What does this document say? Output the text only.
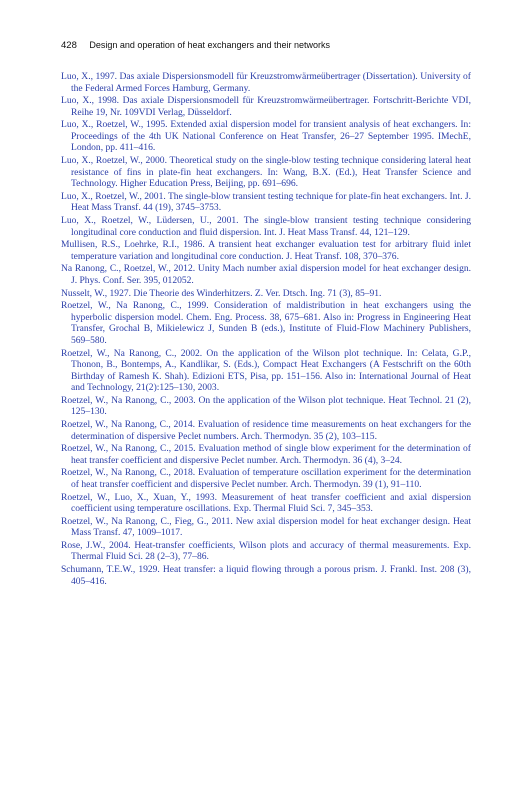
428 Design and operation of heat exchangers and their networks
Luo, X., 1997. Das axiale Dispersionsmodell für Kreuzstromwärmeübertrager (Dissertation). University of the Federal Armed Forces Hamburg, Germany.
Luo, X., 1998. Das axiale Dispersionsmodell für Kreuzstromwärmeübertrager. Fortschritt-Berichte VDI, Reihe 19, Nr. 109VDI Verlag, Düsseldorf.
Luo, X., Roetzel, W., 1995. Extended axial dispersion model for transient analysis of heat exchangers. In: Proceedings of the 4th UK National Conference on Heat Transfer, 26–27 September 1995. IMechE, London, pp. 411–416.
Luo, X., Roetzel, W., 2000. Theoretical study on the single-blow testing technique considering lateral heat resistance of fins in plate-fin heat exchangers. In: Wang, B.X. (Ed.), Heat Transfer Science and Technology. Higher Education Press, Beijing, pp. 691–696.
Luo, X., Roetzel, W., 2001. The single-blow transient testing technique for plate-fin heat exchangers. Int. J. Heat Mass Transf. 44 (19), 3745–3753.
Luo, X., Roetzel, W., Lüdersen, U., 2001. The single-blow transient testing technique considering longitudinal core conduction and fluid dispersion. Int. J. Heat Mass Transf. 44, 121–129.
Mullisen, R.S., Loehrke, R.I., 1986. A transient heat exchanger evaluation test for arbitrary fluid inlet temperature variation and longitudinal core conduction. J. Heat Transf. 108, 370–376.
Na Ranong, C., Roetzel, W., 2012. Unity Mach number axial dispersion model for heat exchanger design. J. Phys. Conf. Ser. 395, 012052.
Nusselt, W., 1927. Die Theorie des Winderhitzers. Z. Ver. Dtsch. Ing. 71 (3), 85–91.
Roetzel, W., Na Ranong, C., 1999. Consideration of maldistribution in heat exchangers using the hyperbolic dispersion model. Chem. Eng. Process. 38, 675–681. Also in: Progress in Engineering Heat Transfer, Grochal B, Mikielewicz J, Sunden B (eds.), Institute of Fluid-Flow Machinery Publishers, 569–580.
Roetzel, W., Na Ranong, C., 2002. On the application of the Wilson plot technique. In: Celata, G.P., Thonon, B., Bontemps, A., Kandlikar, S. (Eds.), Compact Heat Exchangers (A Festschrift on the 60th Birthday of Ramesh K. Shah). Edizioni ETS, Pisa, pp. 151–156. Also in: International Journal of Heat and Technology, 21(2):125–130, 2003.
Roetzel, W., Na Ranong, C., 2003. On the application of the Wilson plot technique. Heat Technol. 21 (2), 125–130.
Roetzel, W., Na Ranong, C., 2014. Evaluation of residence time measurements on heat exchangers for the determination of dispersive Peclet numbers. Arch. Thermodyn. 35 (2), 103–115.
Roetzel, W., Na Ranong, C., 2015. Evaluation method of single blow experiment for the determination of heat transfer coefficient and dispersive Peclet number. Arch. Thermodyn. 36 (4), 3–24.
Roetzel, W., Na Ranong, C., 2018. Evaluation of temperature oscillation experiment for the determination of heat transfer coefficient and dispersive Peclet number. Arch. Thermodyn. 39 (1), 91–110.
Roetzel, W., Luo, X., Xuan, Y., 1993. Measurement of heat transfer coefficient and axial dispersion coefficient using temperature oscillations. Exp. Thermal Fluid Sci. 7, 345–353.
Roetzel, W., Na Ranong, C., Fieg, G., 2011. New axial dispersion model for heat exchanger design. Heat Mass Transf. 47, 1009–1017.
Rose, J.W., 2004. Heat-transfer coefficients, Wilson plots and accuracy of thermal measurements. Exp. Thermal Fluid Sci. 28 (2–3), 77–86.
Schumann, T.E.W., 1929. Heat transfer: a liquid flowing through a porous prism. J. Frankl. Inst. 208 (3), 405–416.
